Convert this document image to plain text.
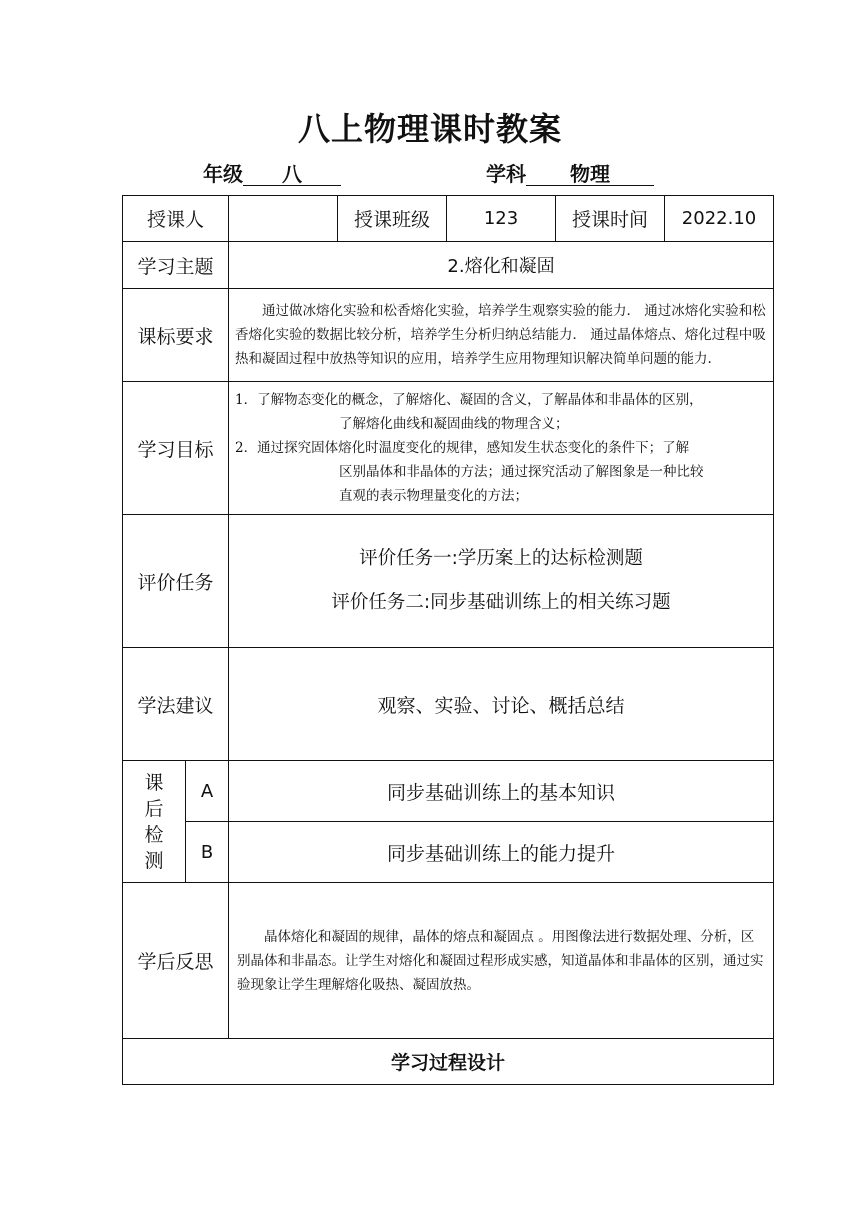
八上物理课时教案
年级 八	学科 物理
授课人			授课班级	123	授课时间	2022.10
学习主题		2.熔化和凝固				
课标要求		通过做冰熔化实验和松香熔化实验，培养学生观察实验的能力． 通过冰熔化实验和松香熔化实验的数据比较分析，培养学生分析归纳总结能力． 通过晶体熔点、熔化过程中吸热和凝固过程中放热等知识的应用，培养学生应用物理知识解决简单问题的能力.				
学习目标		1．了解物态变化的概念，了解熔化、凝固的含义，了解晶体和非晶体的区别，

了解熔化曲线和凝固曲线的物理含义；

2．通过探究固体熔化时温度变化的规律，感知发生状态变化的条件下；了解

区别晶体和非晶体的方法；通过探究活动了解图象是一种比较

直观的表示物理量变化的方法；				

评价任务		评价任务一:学历案上的达标检测题
评价任务二:同步基础训练上的相关练习题				

学法建议		观察、实验、讨论、概括总结				

课
后
检
测	A	同步基础训练上的基本知识				
	B	同步基础训练上的能力提升				
学后反思		晶体熔化和凝固的规律，晶体的熔点和凝固点 。用图像法进行数据处理、分析，区别晶体和非晶态。让学生对熔化和凝固过程形成实感，知道晶体和非晶体的区别，通过实验现象让学生理解熔化吸热、凝固放热。				
学习过程设计						
